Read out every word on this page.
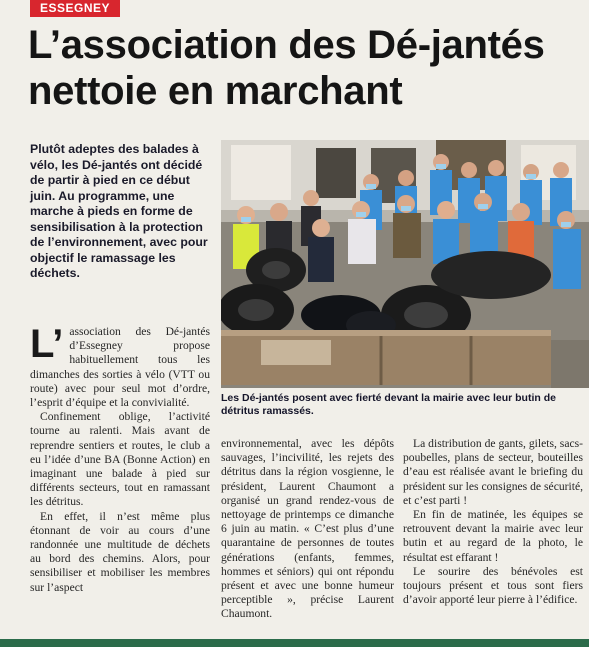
ESSEGNEY
L’association des Dé-jantés nettoie en marchant

Plutôt adeptes des balades à vélo, les Dé-jantés ont décidé de partir à pied en ce début juin. Au programme, une marche à pieds en forme de sensibilisation à la protection de l’environnement, avec pour objectif le ramassage les déchets.

Les Dé-jantés posent avec fierté devant la mairie avec leur butin de détritus ramassés.

L’ association des Dé-jantés d’Essegney propose habituellement tous les dimanches des sorties à vélo (VTT ou route) avec pour seul mot d’ordre, l’esprit d’équipe et la convivialité.

Confinement oblige, l’activité tourne au ralenti. Mais avant de reprendre sentiers et routes, le club a eu l’idée d’une BA (Bonne Action) en imaginant une balade à pied sur différents secteurs, tout en ramassant les détritus.

En effet, il n’est même plus étonnant de voir au cours d’une randonnée une multitude de déchets au bord des chemins. Alors, pour sensibiliser et mobiliser les membres sur l’aspect

environnemental, avec les dépôts sauvages, l’incivilité, les rejets des détritus dans la région vosgienne, le président, Laurent Chaumont a organisé un grand rendez-vous de nettoyage de printemps ce dimanche 6 juin au matin. « C’est plus d’une quarantaine de personnes de toutes générations (enfants, femmes, hommes et séniors) qui ont répondu présent et avec une bonne humeur perceptible », précise Laurent Chaumont.

La distribution de gants, gilets, sacs-poubelles, plans de secteur, bouteilles d’eau est réalisée avant le briefing du président sur les consignes de sécurité, et c’est parti !

En fin de matinée, les équipes se retrouvent devant la mairie avec leur butin et au regard de la photo, le résultat est effarant !

Le sourire des bénévoles est toujours présent et tous sont fiers d’avoir apporté leur pierre à l’édifice.
